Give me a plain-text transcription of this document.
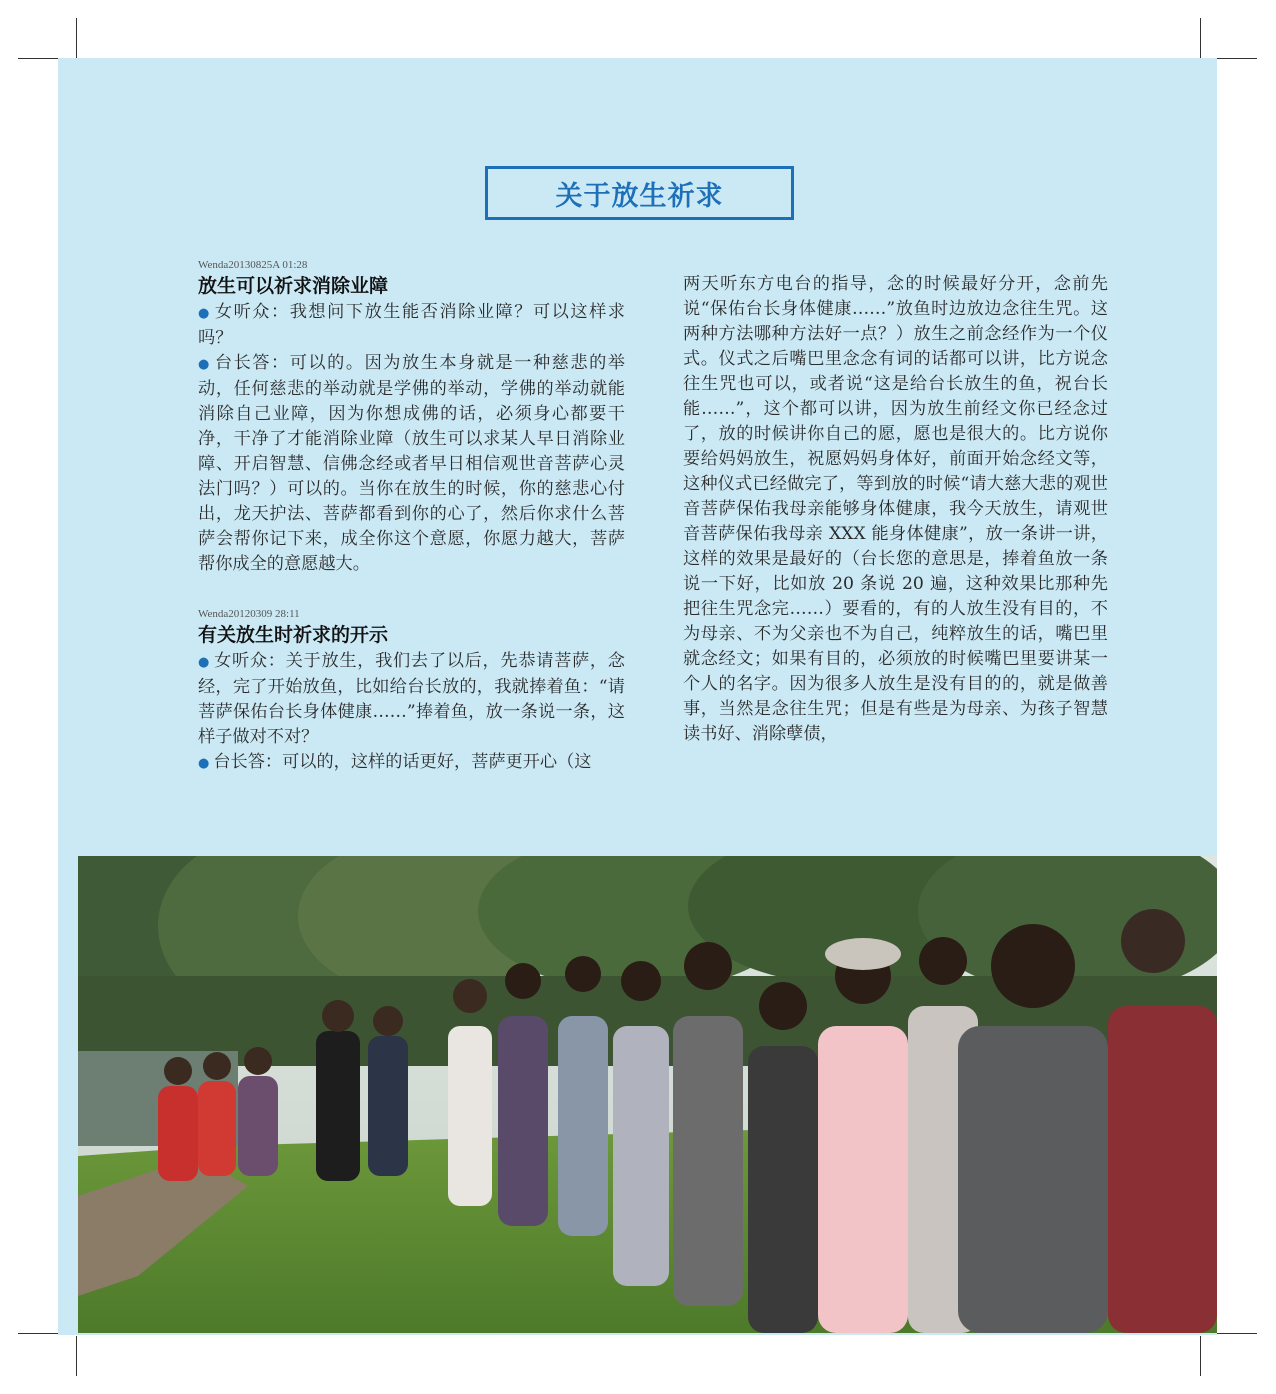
关于放生祈求

Wenda20130825A 01:28

放生可以祈求消除业障

● 女听众：我想问下放生能否消除业障？可以这样求吗？

● 台长答：可以的。因为放生本身就是一种慈悲的举动，任何慈悲的举动就是学佛的举动，学佛的举动就能消除自己业障，因为你想成佛的话，必须身心都要干净，干净了才能消除业障（放生可以求某人早日消除业障、开启智慧、信佛念经或者早日相信观世音菩萨心灵法门吗？）可以的。当你在放生的时候，你的慈悲心付出，龙天护法、菩萨都看到你的心了，然后你求什么菩萨会帮你记下来，成全你这个意愿，你愿力越大，菩萨帮你成全的意愿越大。

Wenda20120309 28:11

有关放生时祈求的开示

● 女听众：关于放生，我们去了以后，先恭请菩萨，念经，完了开始放鱼，比如给台长放的，我就捧着鱼：“请菩萨保佑台长身体健康……”捧着鱼，放一条说一条，这样子做对不对？

● 台长答：可以的，这样的话更好，菩萨更开心（这

两天听东方电台的指导，念的时候最好分开，念前先说“保佑台长身体健康……”放鱼时边放边念往生咒。这两种方法哪种方法好一点？）放生之前念经作为一个仪式。仪式之后嘴巴里念念有词的话都可以讲，比方说念往生咒也可以，或者说“这是给台长放生的鱼，祝台长能……”，这个都可以讲，因为放生前经文你已经念过了，放的时候讲你自己的愿，愿也是很大的。比方说你要给妈妈放生，祝愿妈妈身体好，前面开始念经文等，这种仪式已经做完了，等到放的时候“请大慈大悲的观世音菩萨保佑我母亲能够身体健康，我今天放生，请观世音菩萨保佑我母亲 XXX 能身体健康”，放一条讲一讲，这样的效果是最好的（台长您的意思是，捧着鱼放一条说一下好，比如放 20 条说 20 遍，这种效果比那种先把往生咒念完……）要看的，有的人放生没有目的，不为母亲、不为父亲也不为自己，纯粹放生的话，嘴巴里就念经文；如果有目的，必须放的时候嘴巴里要讲某一个人的名字。因为很多人放生是没有目的的，就是做善事，当然是念往生咒；但是有些是为母亲、为孩子智慧读书好、消除孽债，
